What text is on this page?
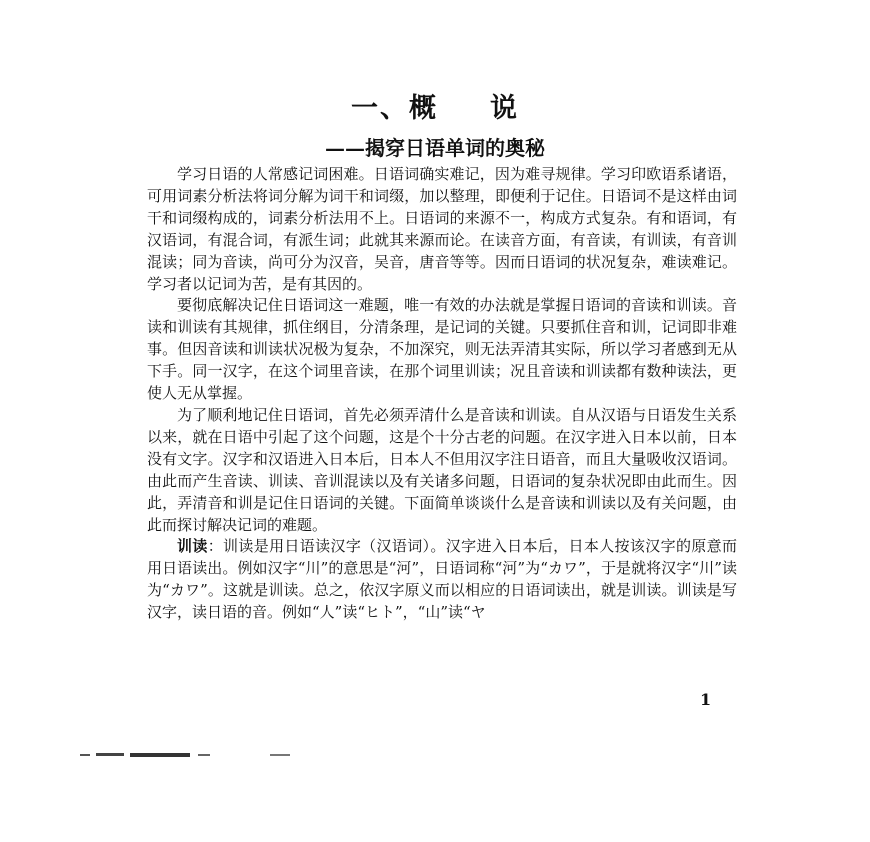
一、概 说
——揭穿日语单词的奥秘

学习日语的人常感记词困难。日语词确实难记，因为难寻规律。学习印欧语系诸语，可用词素分析法将词分解为词干和词缀，加以整理，即便利于记住。日语词不是这样由词干和词缀构成的，词素分析法用不上。日语词的来源不一，构成方式复杂。有和语词，有汉语词，有混合词，有派生词；此就其来源而论。在读音方面，有音读，有训读，有音训混读；同为音读，尚可分为汉音，吴音，唐音等等。因而日语词的状况复杂，难读难记。学习者以记词为苦，是有其因的。

要彻底解决记住日语词这一难题，唯一有效的办法就是掌握日语词的音读和训读。音读和训读有其规律，抓住纲目，分清条理，是记词的关键。只要抓住音和训，记词即非难事。但因音读和训读状况极为复杂，不加深究，则无法弄清其实际，所以学习者感到无从下手。同一汉字，在这个词里音读，在那个词里训读；况且音读和训读都有数种读法，更使人无从掌握。

为了顺利地记住日语词，首先必须弄清什么是音读和训读。自从汉语与日语发生关系以来，就在日语中引起了这个问题，这是个十分古老的问题。在汉字进入日本以前，日本没有文字。汉字和汉语进入日本后，日本人不但用汉字注日语音，而且大量吸收汉语词。由此而产生音读、训读、音训混读以及有关诸多问题，日语词的复杂状况即由此而生。因此，弄清音和训是记住日语词的关键。下面简单谈谈什么是音读和训读以及有关问题，由此而探讨解决记词的难题。

训读：训读是用日语读汉字（汉语词）。汉字进入日本后，日本人按该汉字的原意而用日语读出。例如汉字“川”的意思是“河”，日语词称“河”为“カワ”，于是就将汉字“川”读为“カワ”。这就是训读。总之，依汉字原义而以相应的日语词读出，就是训读。训读是写汉字，读日语的音。例如“人”读“ヒト”，“山”读“ヤ

1
